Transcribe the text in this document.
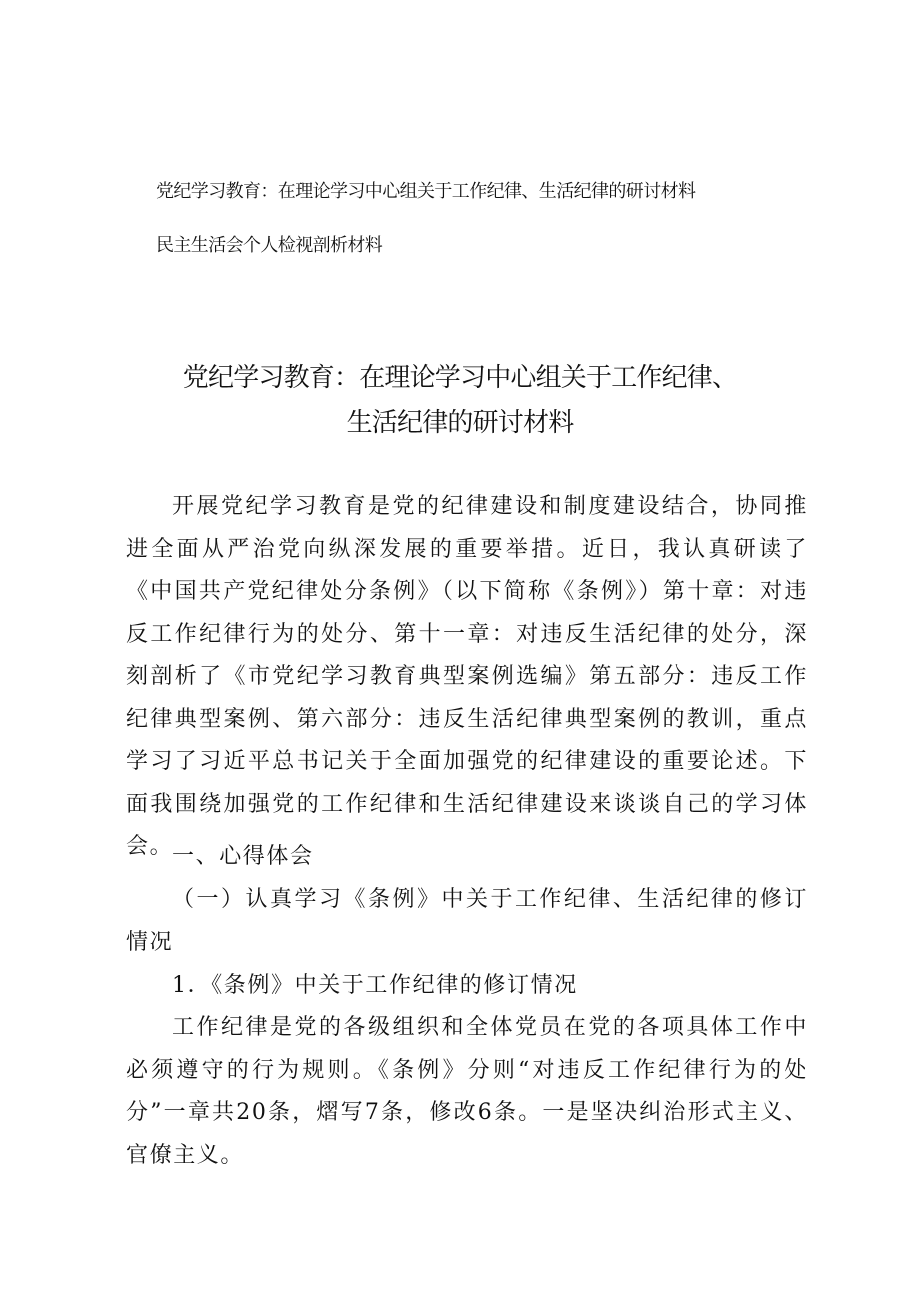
党纪学习教育：在理论学习中心组关于工作纪律、生活纪律的研讨材料
民主生活会个人检视剖析材料
党纪学习教育：在理论学习中心组关于工作纪律、
生活纪律的研讨材料

开展党纪学习教育是党的纪律建设和制度建设结合，协同推进全面从严治党向纵深发展的重要举措。近日，我认真研读了《中国共产党纪律处分条例》（以下简称《条例》）第十章：对违反工作纪律行为的处分、第十一章：对违反生活纪律的处分，深刻剖析了《市党纪学习教育典型案例选编》第五部分：违反工作纪律典型案例、第六部分：违反生活纪律典型案例的教训，重点学习了习近平总书记关于全面加强党的纪律建设的重要论述。下面我围绕加强党的工作纪律和生活纪律建设来谈谈自己的学习体会。

一、心得体会

（一）认真学习《条例》中关于工作纪律、生活纪律的修订情况

1．《条例》中关于工作纪律的修订情况

工作纪律是党的各级组织和全体党员在党的各项具体工作中必须遵守的行为规则。《条例》分则“对违反工作纪律行为的处分”一章共20条，熠写7条，修改6条。一是坚决纠治形式主义、官僚主义。
